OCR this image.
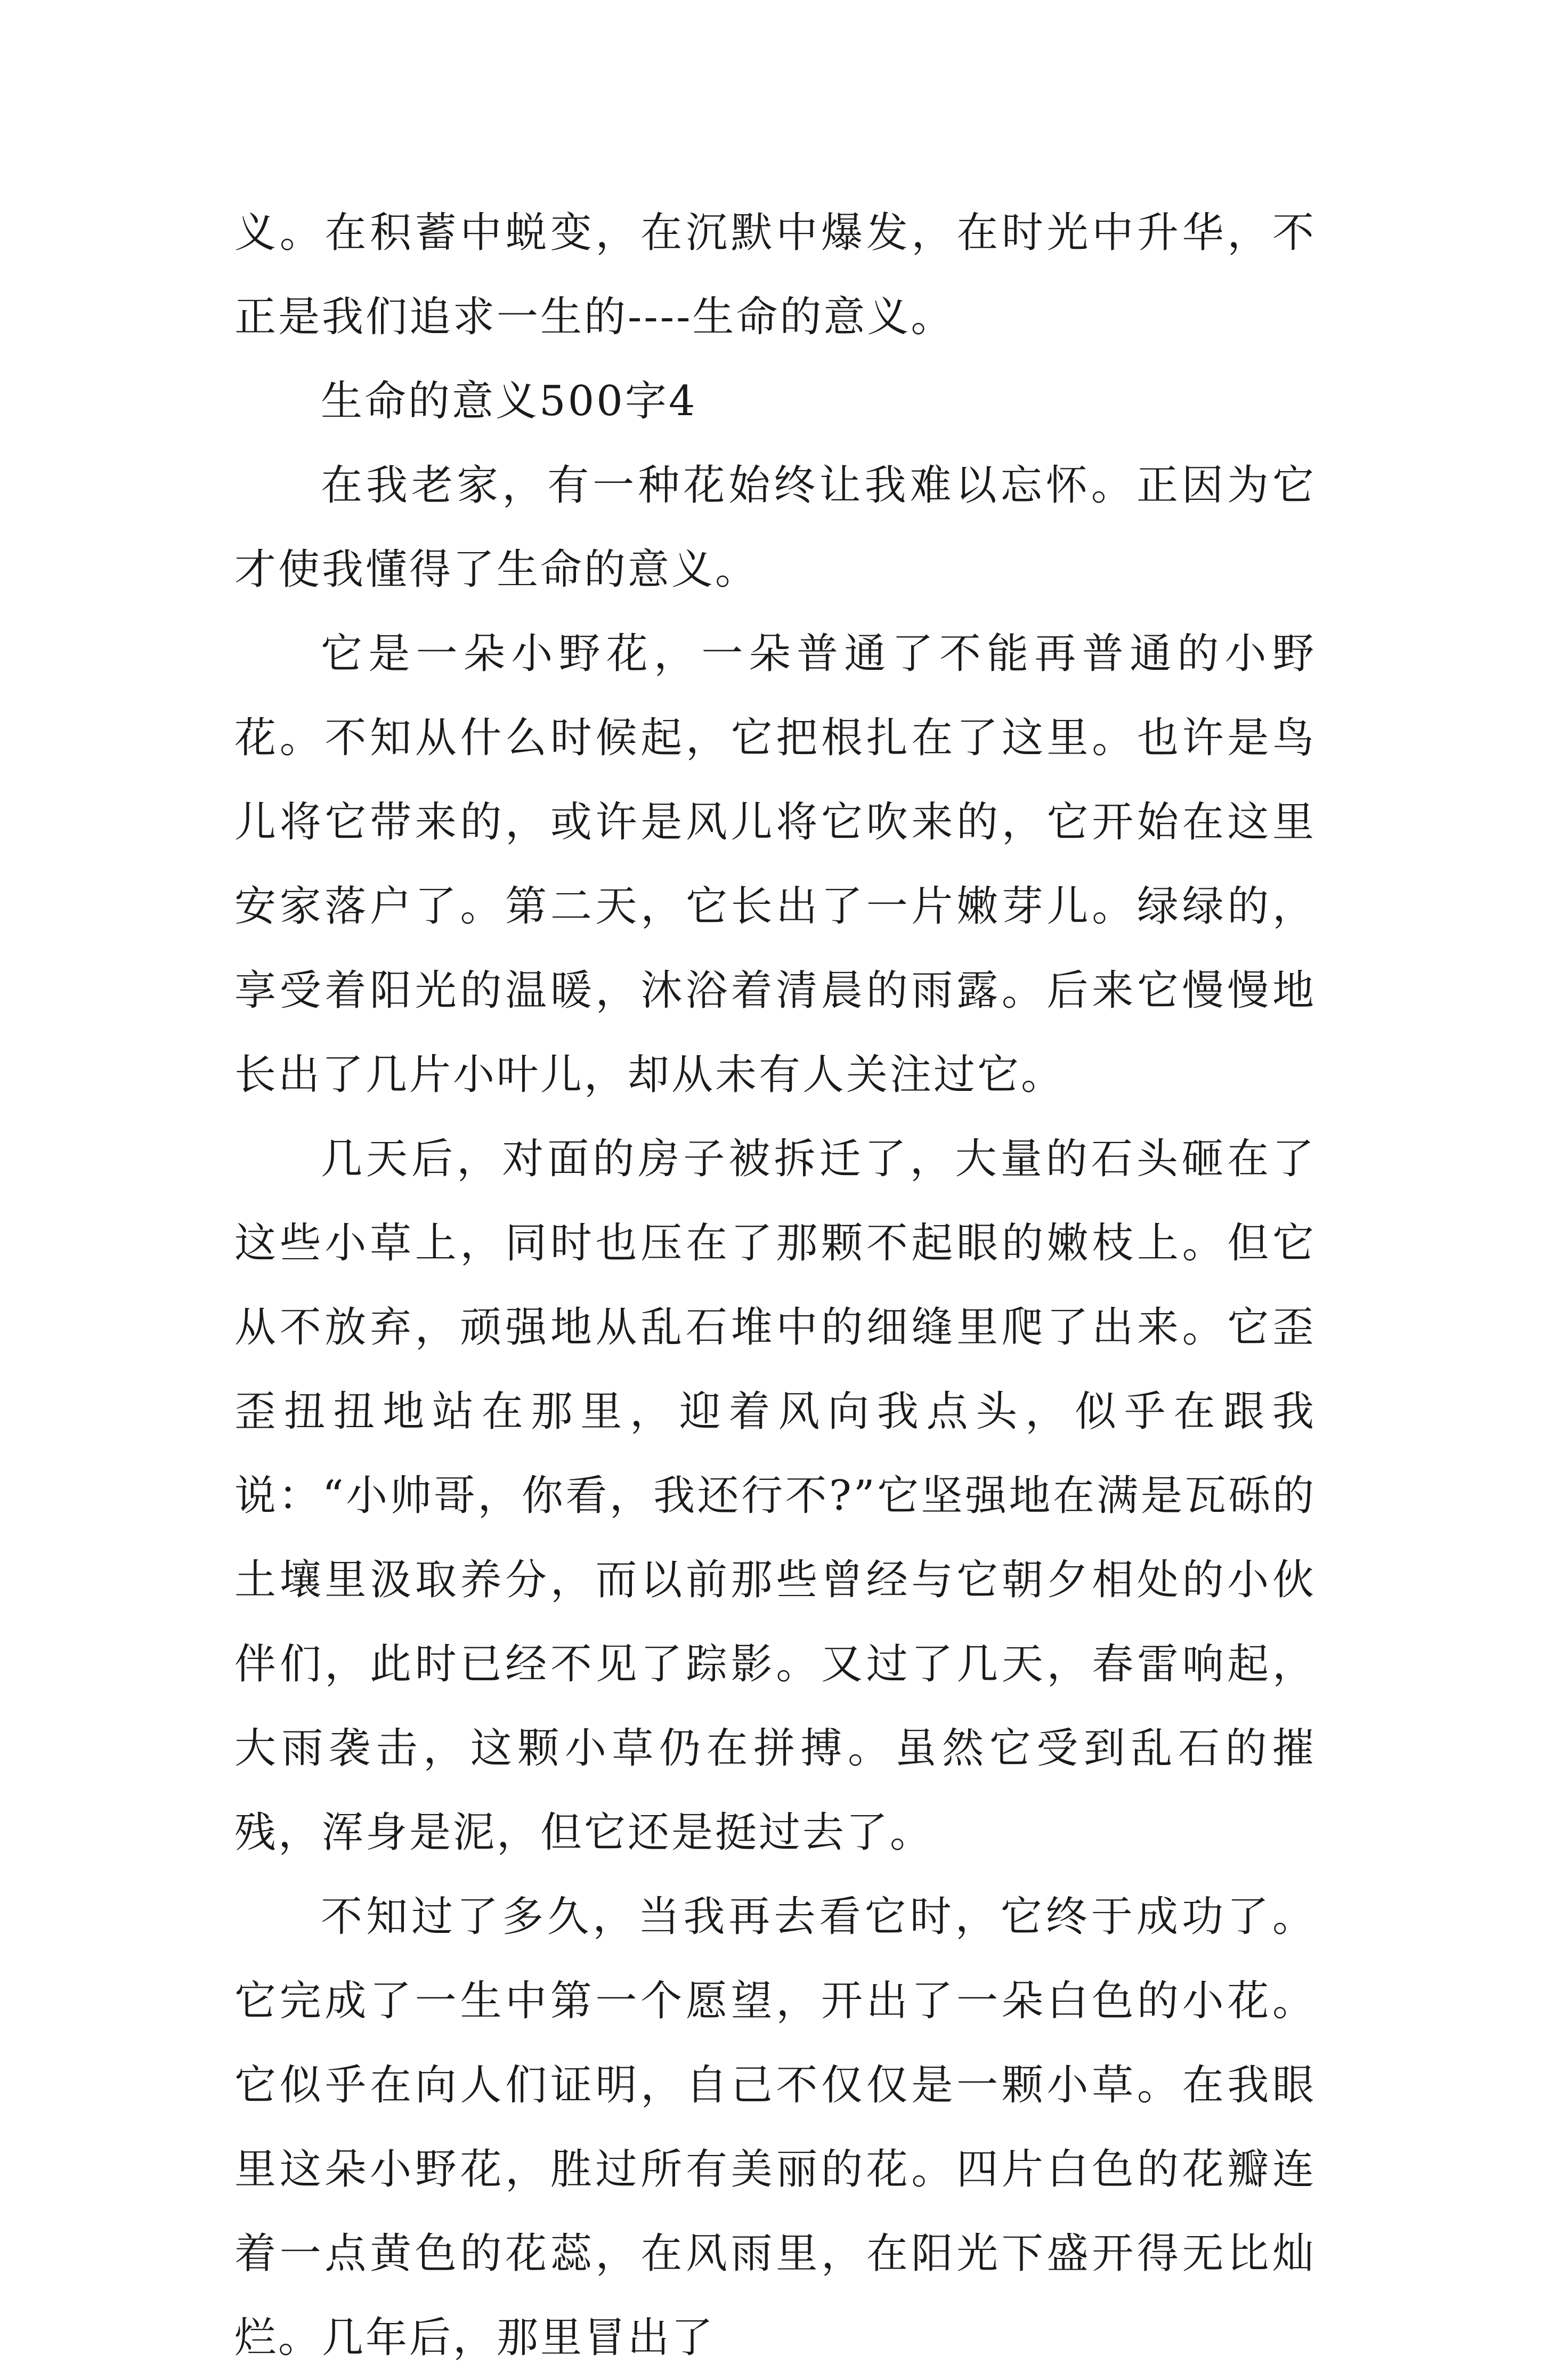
义。在积蓄中蜕变，在沉默中爆发，在时光中升华，不正是我们追求一生的----生命的意义。

生命的意义500字4

在我老家，有一种花始终让我难以忘怀。正因为它才使我懂得了生命的意义。

它是一朵小野花，一朵普通了不能再普通的小野花。不知从什么时候起，它把根扎在了这里。也许是鸟儿将它带来的，或许是风儿将它吹来的，它开始在这里安家落户了。第二天，它长出了一片嫩芽儿。绿绿的，享受着阳光的温暖，沐浴着清晨的雨露。后来它慢慢地长出了几片小叶儿，却从未有人关注过它。

几天后，对面的房子被拆迁了，大量的石头砸在了这些小草上，同时也压在了那颗不起眼的嫩枝上。但它从不放弃，顽强地从乱石堆中的细缝里爬了出来。它歪歪扭扭地站在那里，迎着风向我点头，似乎在跟我说：“小帅哥，你看，我还行不?”它坚强地在满是瓦砾的土壤里汲取养分，而以前那些曾经与它朝夕相处的小伙伴们，此时已经不见了踪影。又过了几天，春雷响起，大雨袭击，这颗小草仍在拼搏。虽然它受到乱石的摧残，浑身是泥，但它还是挺过去了。

不知过了多久，当我再去看它时，它终于成功了。它完成了一生中第一个愿望，开出了一朵白色的小花。它似乎在向人们证明，自己不仅仅是一颗小草。在我眼里这朵小野花，胜过所有美丽的花。四片白色的花瓣连着一点黄色的花蕊，在风雨里，在阳光下盛开得无比灿烂。几年后，那里冒出了
